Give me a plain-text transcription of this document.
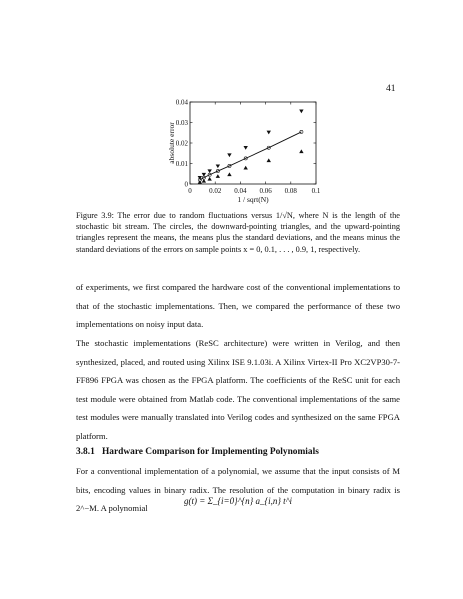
41
0 0.02 0.04 0.06 0.08 0.1
0
0.01
0.02
0.03
0.04
1 / sqrt(N)
absolute error
Figure 3.9: The error due to random fluctuations versus 1/√N, where N is the length of the stochastic bit stream. The circles, the downward-pointing triangles, and the upward-pointing triangles represent the means, the means plus the standard deviations, and the means minus the standard deviations of the errors on sample points x = 0, 0.1, . . . , 0.9, 1, respectively.

of experiments, we first compared the hardware cost of the conventional implementations to that of the stochastic implementations. Then, we compared the performance of these two implementations on noisy input data.

The stochastic implementations (ReSC architecture) were written in Verilog, and then synthesized, placed, and routed using Xilinx ISE 9.1.03i. A Xilinx Virtex-II Pro XC2VP30-7-FF896 FPGA was chosen as the FPGA platform. The coefficients of the ReSC unit for each test module were obtained from Matlab code. The conventional implementations of the same test modules were manually translated into Verilog codes and synthesized on the same FPGA platform.

3.8.1 Hardware Comparison for Implementing Polynomials

For a conventional implementation of a polynomial, we assume that the input consists of M bits, encoding values in binary radix. The resolution of the computation in binary radix is 2^−M. A polynomial

g(t) = Σ_{i=0}^{n} a_{i,n} t^i
